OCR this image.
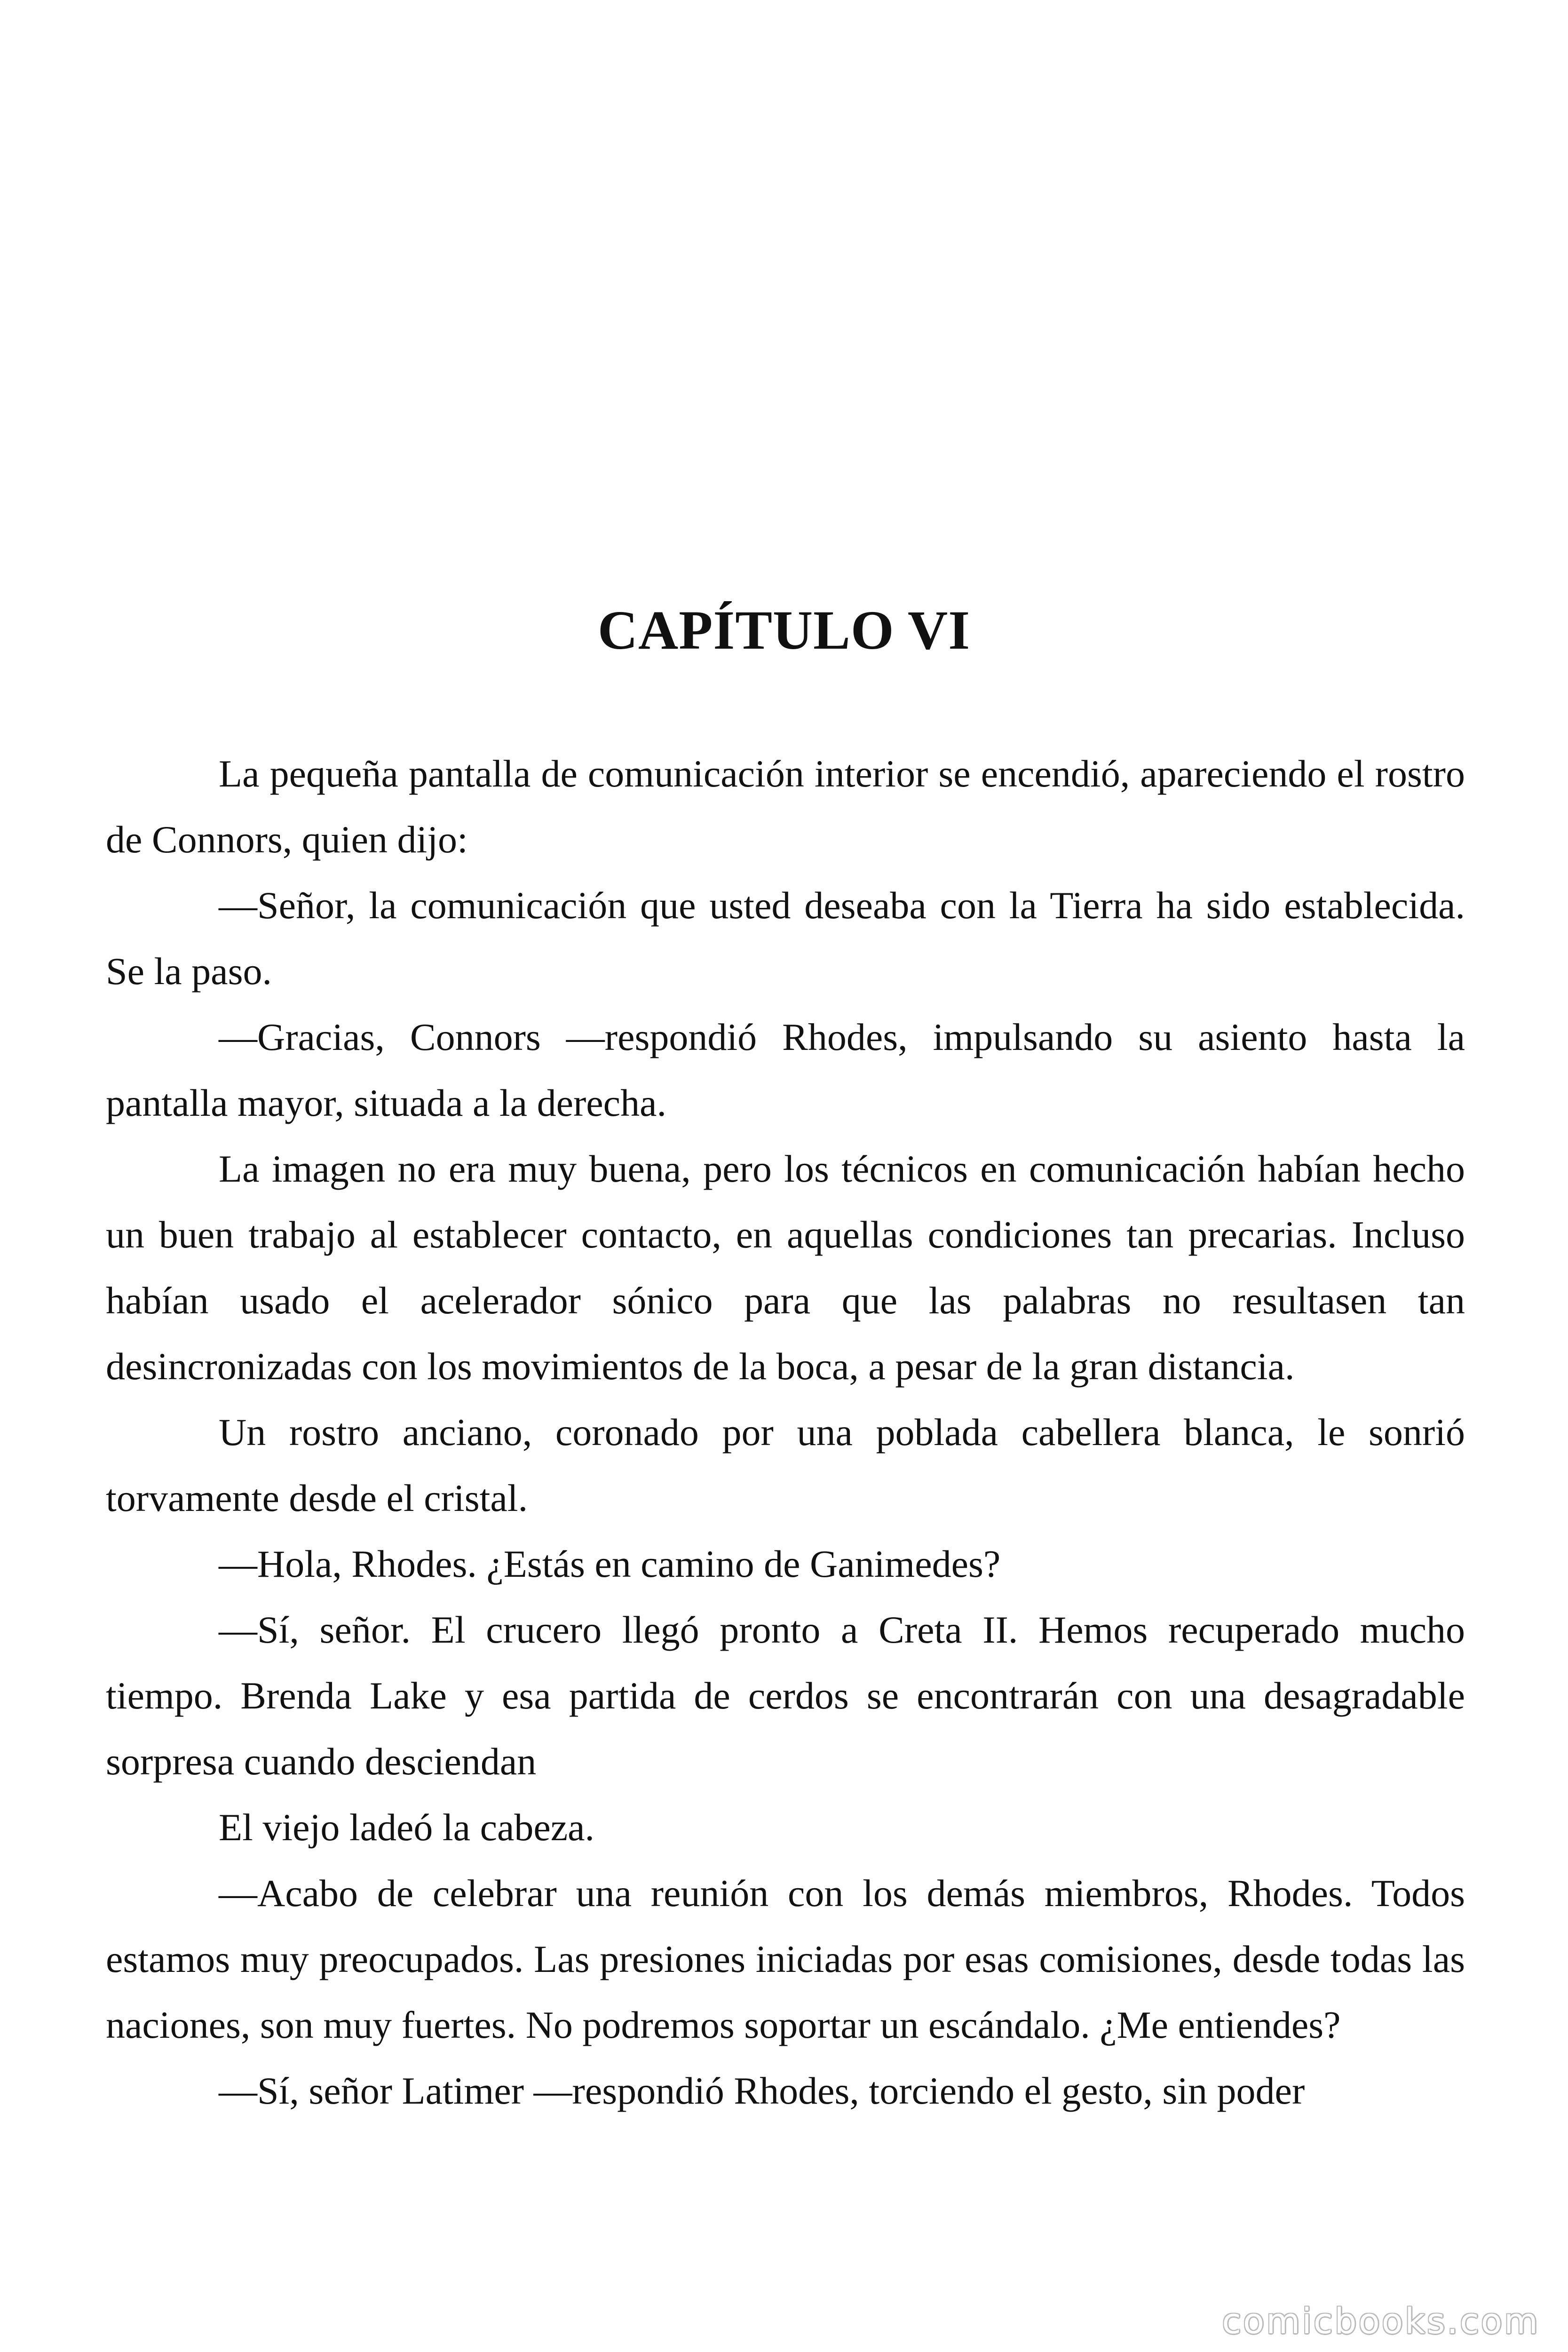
CAPÍTULO VI

La pequeña pantalla de comunicación interior se encendió, apareciendo el rostro de Connors, quien dijo:

—Señor, la comunicación que usted deseaba con la Tierra ha sido establecida. Se la paso.

—Gracias, Connors —respondió Rhodes, impulsando su asiento hasta la pantalla mayor, situada a la derecha.

La imagen no era muy buena, pero los técnicos en comunicación habían hecho un buen trabajo al establecer contacto, en aquellas condiciones tan precarias. Incluso habían usado el acelerador sónico para que las palabras no resultasen tan desincronizadas con los movimientos de la boca, a pesar de la gran distancia.

Un rostro anciano, coronado por una poblada cabellera blanca, le sonrió torvamente desde el cristal.

—Hola, Rhodes. ¿Estás en camino de Ganimedes?

—Sí, señor. El crucero llegó pronto a Creta II. Hemos recuperado mucho tiempo. Brenda Lake y esa partida de cerdos se encontrarán con una desagradable sorpresa cuando desciendan

El viejo ladeó la cabeza.

—Acabo de celebrar una reunión con los demás miembros, Rhodes. Todos estamos muy preocupados. Las presiones iniciadas por esas comisiones, desde todas las naciones, son muy fuertes. No podremos soportar un escándalo. ¿Me entiendes?

—Sí, señor Latimer —respondió Rhodes, torciendo el gesto, sin poder

comicbooks.com
